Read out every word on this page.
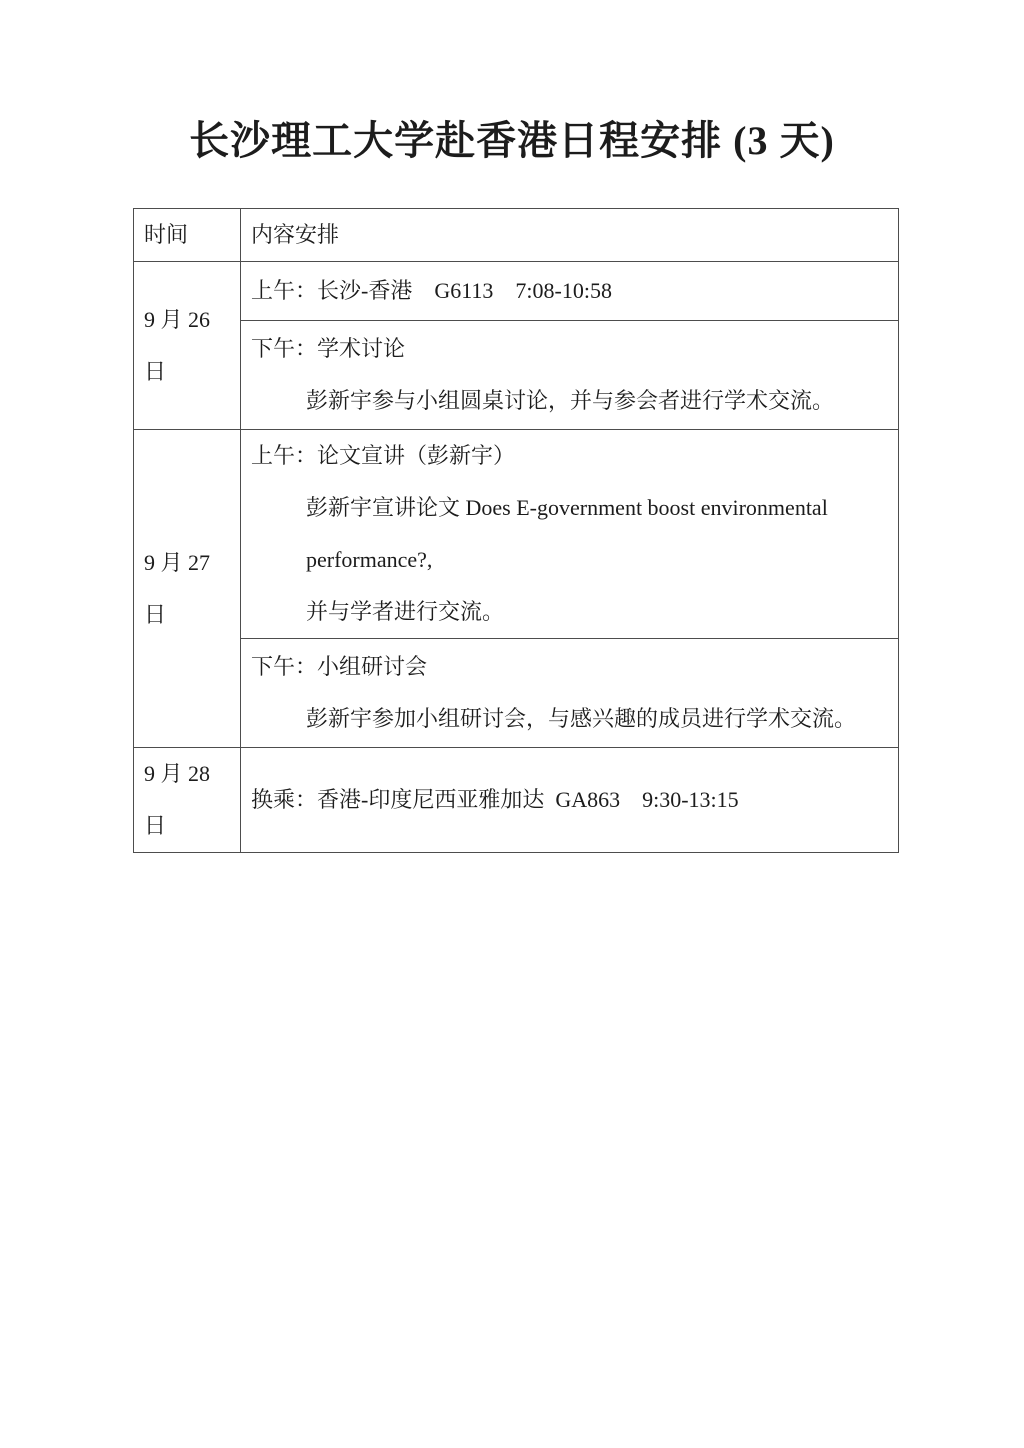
长沙理工大学赴香港日程安排 (3 天)
时间	内容安排
9 月 26 日	上午：长沙-香港　G6113　7:08-10:58

	下午：学术讨论
彭新宇参与小组圆桌讨论，并与参会者进行学术交流。

9 月 27 日	上午：论文宣讲（彭新宇）
彭新宇宣讲论文 Does E-government boost environmental performance?,
并与学者进行交流。

	下午：小组研讨会
彭新宇参加小组研讨会，与感兴趣的成员进行学术交流。

9 月 28 日	换乘：香港-印度尼西亚雅加达  GA863　9:30-13:15
